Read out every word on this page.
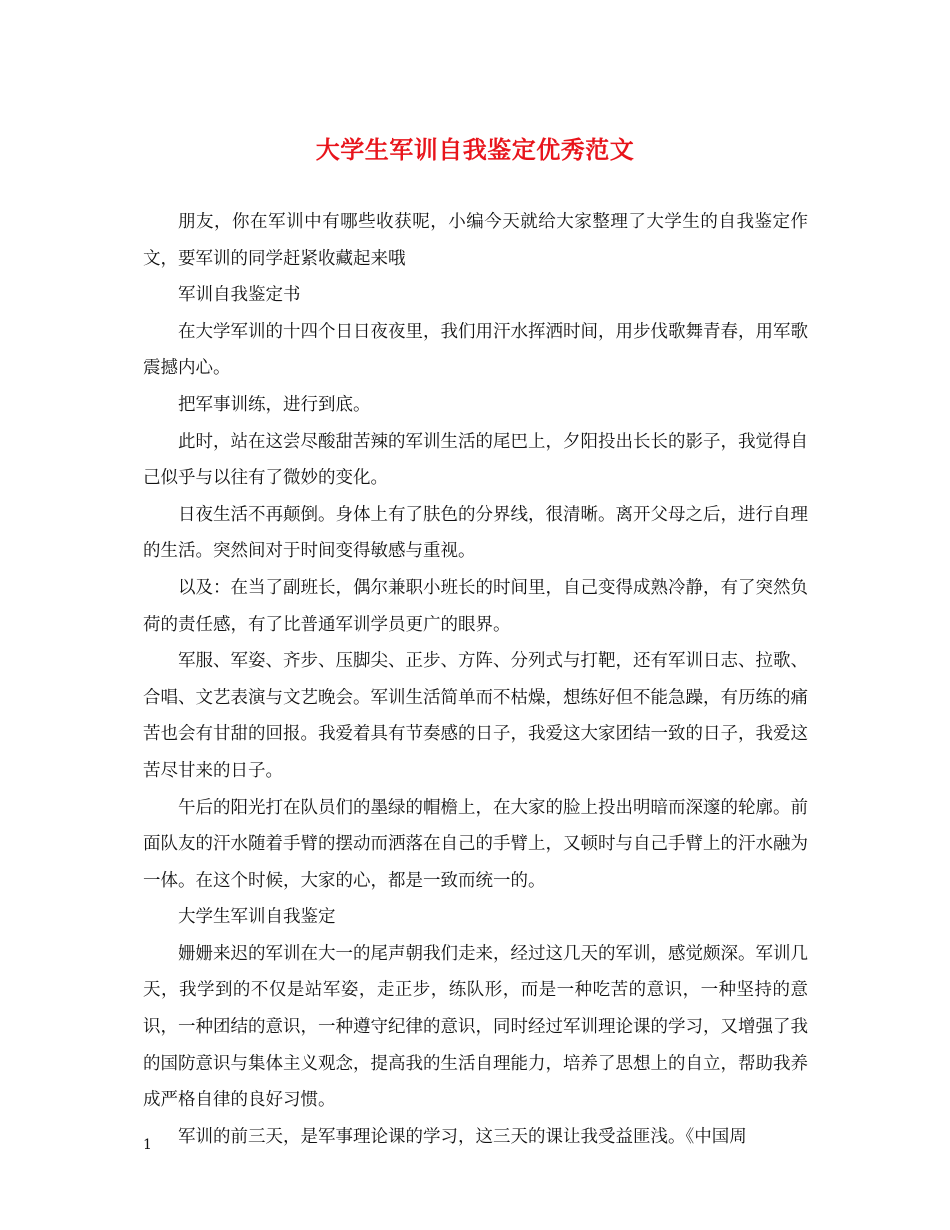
大学生军训自我鉴定优秀范文

朋友，你在军训中有哪些收获呢，小编今天就给大家整理了大学生的自我鉴定作文，要军训的同学赶紧收藏起来哦

军训自我鉴定书

在大学军训的十四个日日夜夜里，我们用汗水挥洒时间，用步伐歌舞青春，用军歌震撼内心。

把军事训练，进行到底。

此时，站在这尝尽酸甜苦辣的军训生活的尾巴上，夕阳投出长长的影子，我觉得自己似乎与以往有了微妙的变化。

日夜生活不再颠倒。身体上有了肤色的分界线，很清晰。离开父母之后，进行自理的生活。突然间对于时间变得敏感与重视。

以及：在当了副班长，偶尔兼职小班长的时间里，自己变得成熟冷静，有了突然负荷的责任感，有了比普通军训学员更广的眼界。

军服、军姿、齐步、压脚尖、正步、方阵、分列式与打靶，还有军训日志、拉歌、合唱、文艺表演与文艺晚会。军训生活简单而不枯燥，想练好但不能急躁，有历练的痛苦也会有甘甜的回报。我爱着具有节奏感的日子，我爱这大家团结一致的日子，我爱这苦尽甘来的日子。

午后的阳光打在队员们的墨绿的帽檐上，在大家的脸上投出明暗而深邃的轮廓。前面队友的汗水随着手臂的摆动而洒落在自己的手臂上，又顿时与自己手臂上的汗水融为一体。在这个时候，大家的心，都是一致而统一的。

大学生军训自我鉴定

姗姗来迟的军训在大一的尾声朝我们走来，经过这几天的军训，感觉颇深。军训几天，我学到的不仅是站军姿，走正步，练队形，而是一种吃苦的意识，一种坚持的意识，一种团结的意识，一种遵守纪律的意识，同时经过军训理论课的学习，又增强了我的国防意识与集体主义观念，提高我的生活自理能力，培养了思想上的自立，帮助我养成严格自律的良好习惯。

军训的前三天，是军事理论课的学习，这三天的课让我受益匪浅。《中国周

1
